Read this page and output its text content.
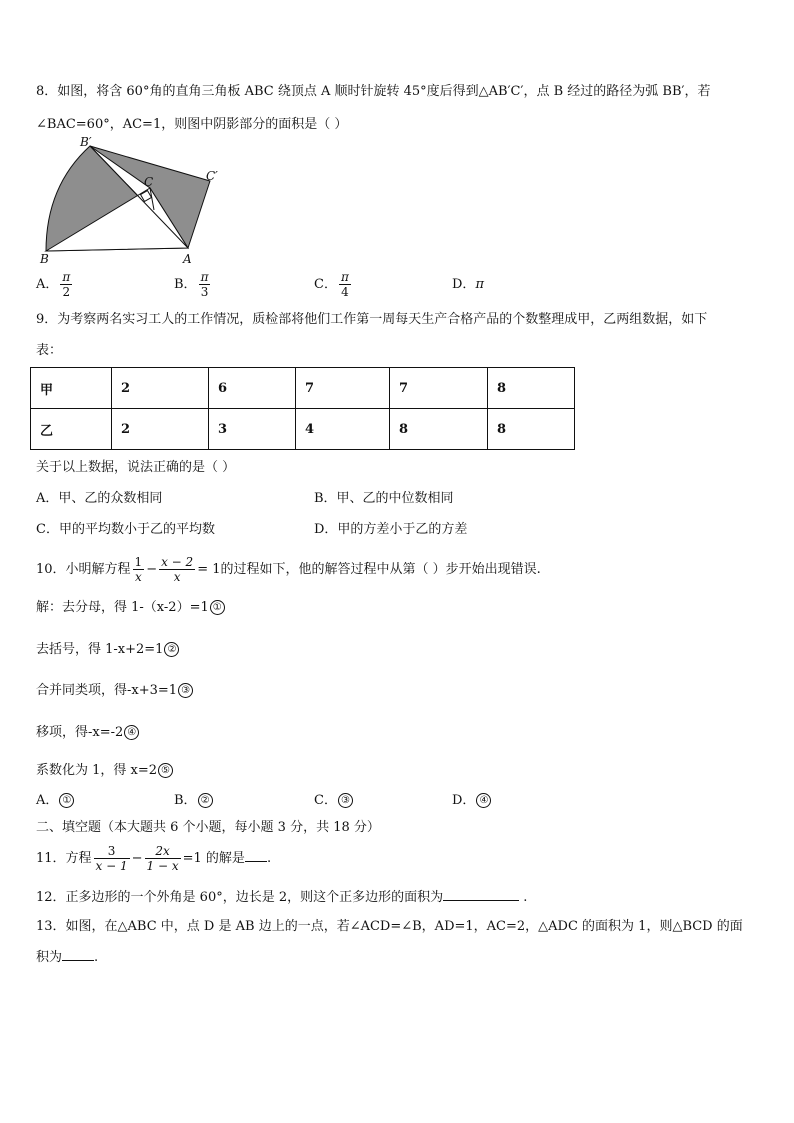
8．如图，将含 60°角的直角三角板 ABC 绕顶点 A 顺时针旋转 45°度后得到△AB′C′，点 B 经过的路径为弧 BB′，若
∠BAC=60°，AC=1，则图中阴影部分的面积是（ ）
B′
C	C′
B	A
A． $\frac{\pi}{2}$	B． $\frac{\pi}{3}$	C． $\frac{\pi}{4}$	D．π
9．为考察两名实习工人的工作情况，质检部将他们工作第一周每天生产合格产品的个数整理成甲，乙两组数据，如下
表：
甲	2	6	7	7	8
乙	2	3	4	8	8
关于以上数据，说法正确的是（ ）
A．甲、乙的众数相同	B．甲、乙的中位数相同
C．甲的平均数小于乙的平均数	D．甲的方差小于乙的方差
10．小明解方程 $\frac{1}{x} - \frac{x - 2}{x} = 1$的过程如下，他的解答过程中从第（ ）步开始出现错误.
解：去分母，得 1-（x-2）=1 ①
去括号，得 1-x+2=1 ②
合并同类项，得-x+3=1 ③
移项，得-x=-2 ④
系数化为 1，得 x=2 ⑤
A． ①	B． ②	C． ③	D． ④
二、填空题（本大题共 6 个小题，每小题 3 分，共 18 分）
11．方程 $\frac{3}{x - 1} - \frac{2x}{1 - x} =1$ 的解是 .
12．正多边形的一个外角是 60°，边长是 2，则这个正多边形的面积为	.
13．如图，在△ABC 中，点 D 是 AB 边上的一点，若∠ACD=∠B，AD=1，AC=2，△ADC 的面积为 1，则△BCD 的面
积为 .
